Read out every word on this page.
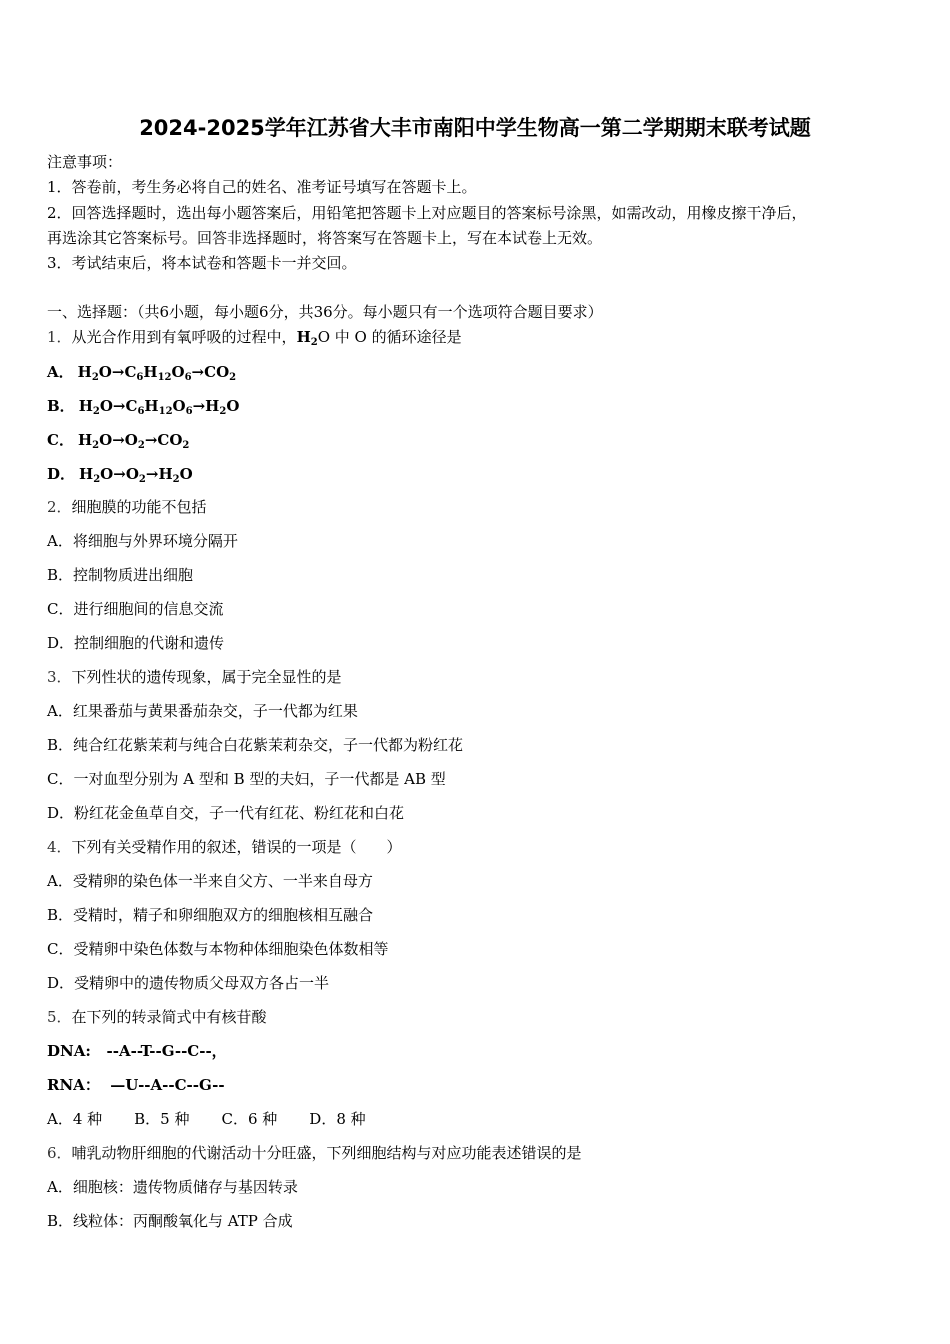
2024-2025学年江苏省大丰市南阳中学生物高一第二学期期末联考试题
注意事项：
1．答卷前，考生务必将自己的姓名、准考证号填写在答题卡上。
2．回答选择题时，选出每小题答案后，用铅笔把答题卡上对应题目的答案标号涂黑，如需改动，用橡皮擦干净后，
再选涂其它答案标号。回答非选择题时，将答案写在答题卡上，写在本试卷上无效。
3．考试结束后，将本试卷和答题卡一并交回。
一、选择题：（共6小题，每小题6分，共36分。每小题只有一个选项符合题目要求）
1．从光合作用到有氧呼吸的过程中，$H_2O$ 中 O 的循环途径是
A． $H_2O\to C_6H_{12}O_6\to CO_2$
B． $H_2O\to C_6H_{12}O_6\to H_2O$
C． $H_2O\to O_2\to CO_2$
D． $H_2O\to O_2\to H_2O$
2．细胞膜的功能不包括
A．将细胞与外界环境分隔开
B．控制物质进出细胞
C．进行细胞间的信息交流
D．控制细胞的代谢和遗传
3．下列性状的遗传现象，属于完全显性的是
A．红果番茄与黄果番茄杂交，子一代都为红果
B．纯合红花紫茉莉与纯合白花紫茉莉杂交，子一代都为粉红花
C．一对血型分别为 A 型和 B 型的夫妇，子一代都是 AB 型
D．粉红花金鱼草自交，子一代有红花、粉红花和白花
4．下列有关受精作用的叙述，错误的一项是（　　）
A．受精卵的染色体一半来自父方、一半来自母方
B．受精时，精子和卵细胞双方的细胞核相互融合
C．受精卵中染色体数与本物种体细胞染色体数相等
D．受精卵中的遗传物质父母双方各占一半
5．在下列的转录简式中有核苷酸
DNA:   --A--T--G--C--，
RNA：  —U--A--C--G--
A．4 种 B．5 种 C．6 种 D．8 种
6．哺乳动物肝细胞的代谢活动十分旺盛，下列细胞结构与对应功能表述错误的是
A．细胞核：遗传物质储存与基因转录
B．线粒体：丙酮酸氧化与 ATP 合成
